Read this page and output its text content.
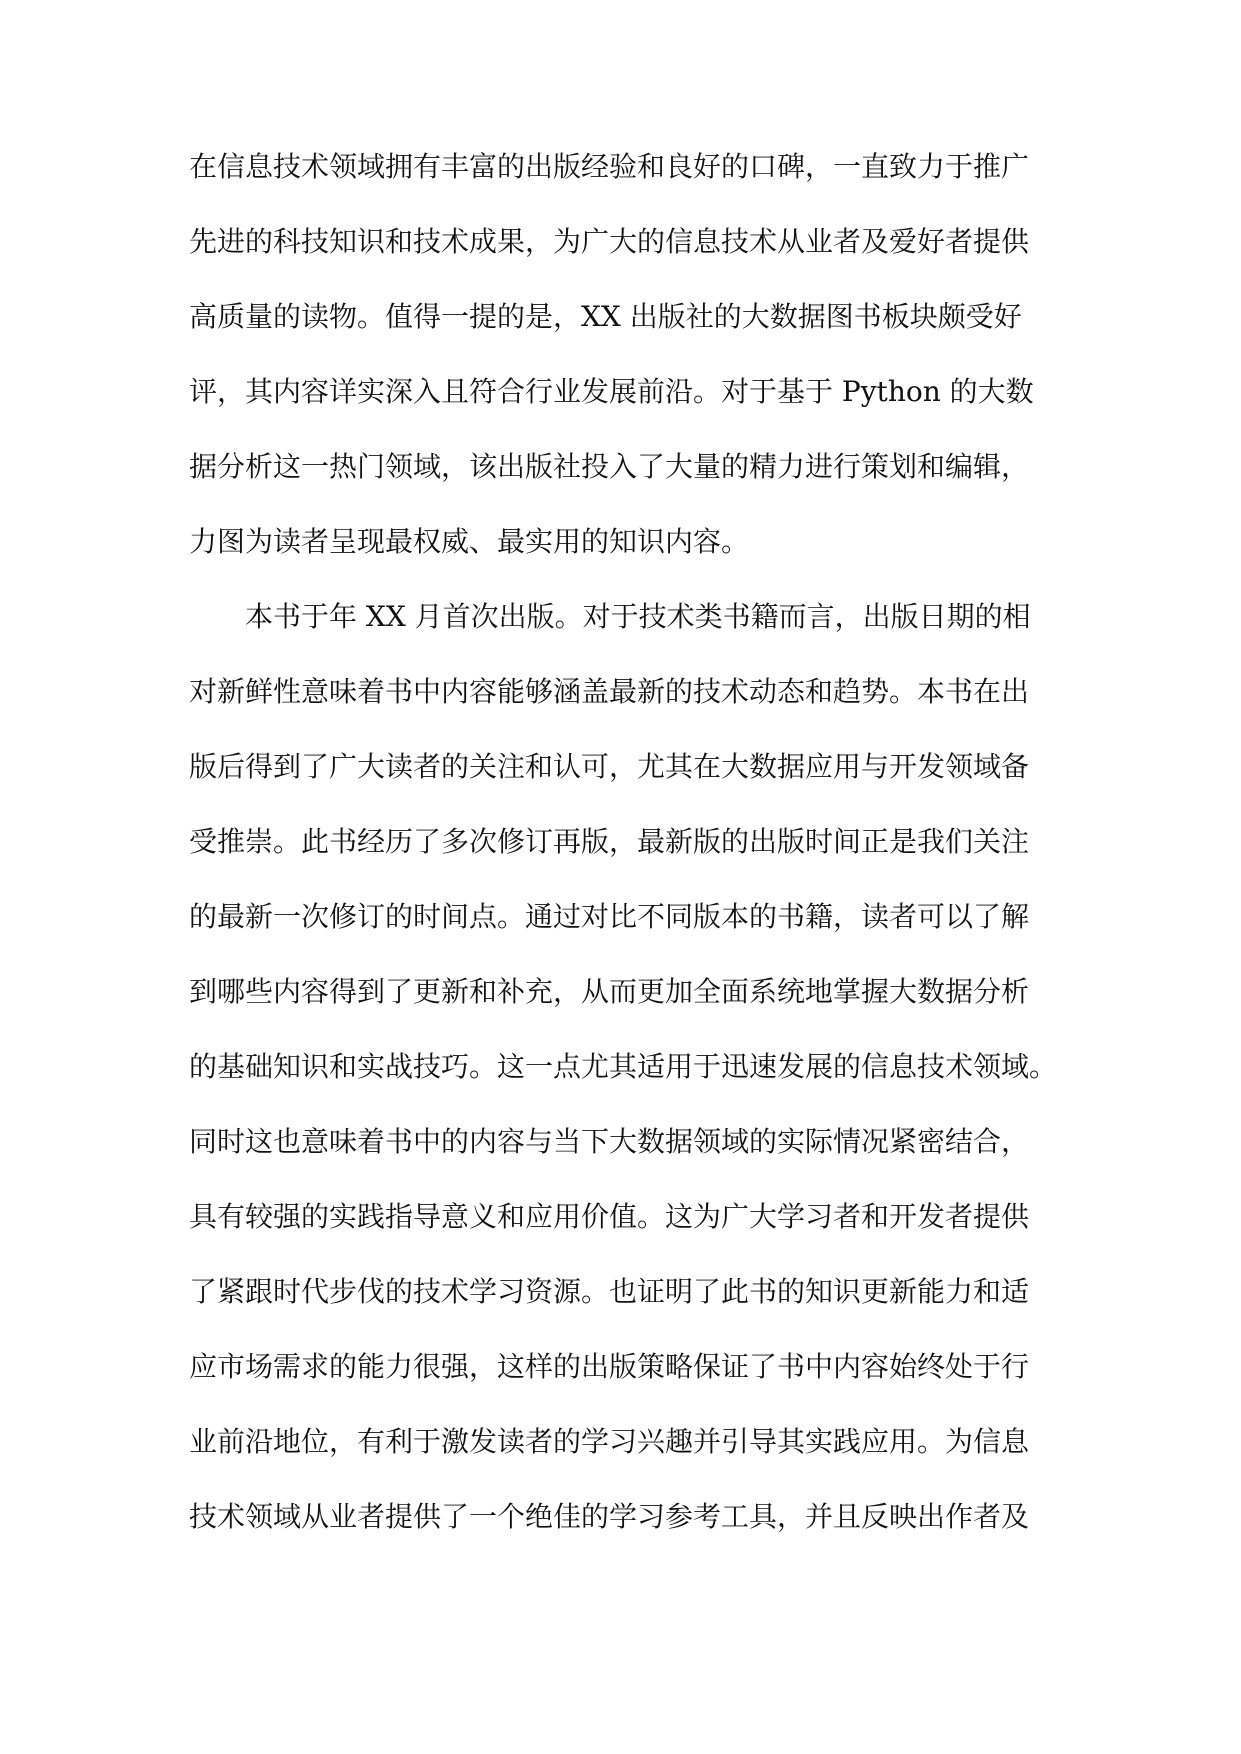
在信息技术领域拥有丰富的出版经验和良好的口碑，一直致力于推广
先进的科技知识和技术成果，为广大的信息技术从业者及爱好者提供
高质量的读物。值得一提的是，XX 出版社的大数据图书板块颇受好
评，其内容详实深入且符合行业发展前沿。对于基于 Python 的大数
据分析这一热门领域，该出版社投入了大量的精力进行策划和编辑，
力图为读者呈现最权威、最实用的知识内容。
本书于年 XX 月首次出版。对于技术类书籍而言，出版日期的相
对新鲜性意味着书中内容能够涵盖最新的技术动态和趋势。本书在出
版后得到了广大读者的关注和认可，尤其在大数据应用与开发领域备
受推崇。此书经历了多次修订再版，最新版的出版时间正是我们关注
的最新一次修订的时间点。通过对比不同版本的书籍，读者可以了解
到哪些内容得到了更新和补充，从而更加全面系统地掌握大数据分析
的基础知识和实战技巧。这一点尤其适用于迅速发展的信息技术领域。
同时这也意味着书中的内容与当下大数据领域的实际情况紧密结合，
具有较强的实践指导意义和应用价值。这为广大学习者和开发者提供
了紧跟时代步伐的技术学习资源。也证明了此书的知识更新能力和适
应市场需求的能力很强，这样的出版策略保证了书中内容始终处于行
业前沿地位，有利于激发读者的学习兴趣并引导其实践应用。为信息
技术领域从业者提供了一个绝佳的学习参考工具，并且反映出作者及
